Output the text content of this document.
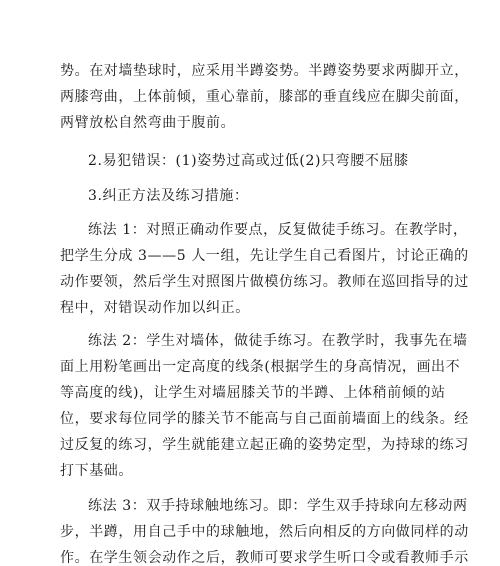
势。在对墙垫球时，应采用半蹲姿势。半蹲姿势要求两脚开立，
两膝弯曲，上体前倾，重心靠前，膝部的垂直线应在脚尖前面，
两臂放松自然弯曲于腹前。
2.易犯错误：(1)姿势过高或过低(2)只弯腰不屈膝
3.纠正方法及练习措施：
练法 1：对照正确动作要点，反复做徒手练习。在教学时，
把学生分成 3——5 人一组，先让学生自己看图片，讨论正确的
动作要领，然后学生对照图片做模仿练习。教师在巡回指导的过
程中，对错误动作加以纠正。
练法 2：学生对墙体，做徒手练习。在教学时，我事先在墙
面上用粉笔画出一定高度的线条(根据学生的身高情况，画出不
等高度的线)，让学生对墙屈膝关节的半蹲、上体稍前倾的站
位，要求每位同学的膝关节不能高与自己面前墙面上的线条。经
过反复的练习，学生就能建立起正确的姿势定型，为持球的练习
打下基础。
练法 3：双手持球触地练习。即：学生双手持球向左移动两
步，半蹲，用自己手中的球触地，然后向相反的方向做同样的动
作。在学生领会动作之后，教师可要求学生听口令或看教师手示
